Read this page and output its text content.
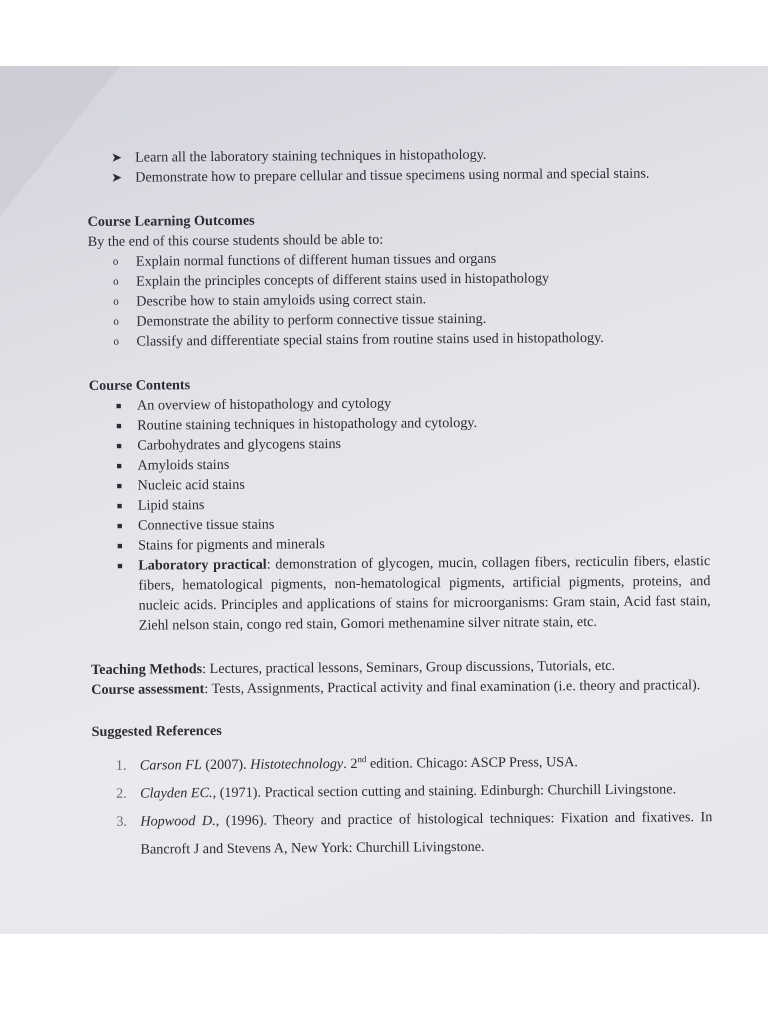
➤ Learn all the laboratory staining techniques in histopathology.
➤ Demonstrate how to prepare cellular and tissue specimens using normal and special stains.
Course Learning Outcomes
By the end of this course students should be able to:
o Explain normal functions of different human tissues and organs
o Explain the principles concepts of different stains used in histopathology
o Describe how to stain amyloids using correct stain.
o Demonstrate the ability to perform connective tissue staining.
o Classify and differentiate special stains from routine stains used in histopathology.
Course Contents
■ An overview of histopathology and cytology
■ Routine staining techniques in histopathology and cytology.
■ Carbohydrates and glycogens stains
■ Amyloids stains
■ Nucleic acid stains
■ Lipid stains
■ Connective tissue stains
■ Stains for pigments and minerals
■ Laboratory practical: demonstration of glycogen, mucin, collagen fibers, recticulin fibers, elastic fibers, hematological pigments, non-hematological pigments, artificial pigments, proteins, and nucleic acids. Principles and applications of stains for microorganisms: Gram stain, Acid fast stain, Ziehl nelson stain, congo red stain, Gomori methenamine silver nitrate stain, etc.
Teaching Methods: Lectures, practical lessons, Seminars, Group discussions, Tutorials, etc.
Course assessment: Tests, Assignments, Practical activity and final examination (i.e. theory and practical).
Suggested References
1. Carson FL (2007). Histotechnology. 2nd edition. Chicago: ASCP Press, USA.
2. Clayden EC., (1971). Practical section cutting and staining. Edinburgh: Churchill Livingstone.
3. Hopwood D., (1996). Theory and practice of histological techniques: Fixation and fixatives. In Bancroft J and Stevens A, New York: Churchill Livingstone.
